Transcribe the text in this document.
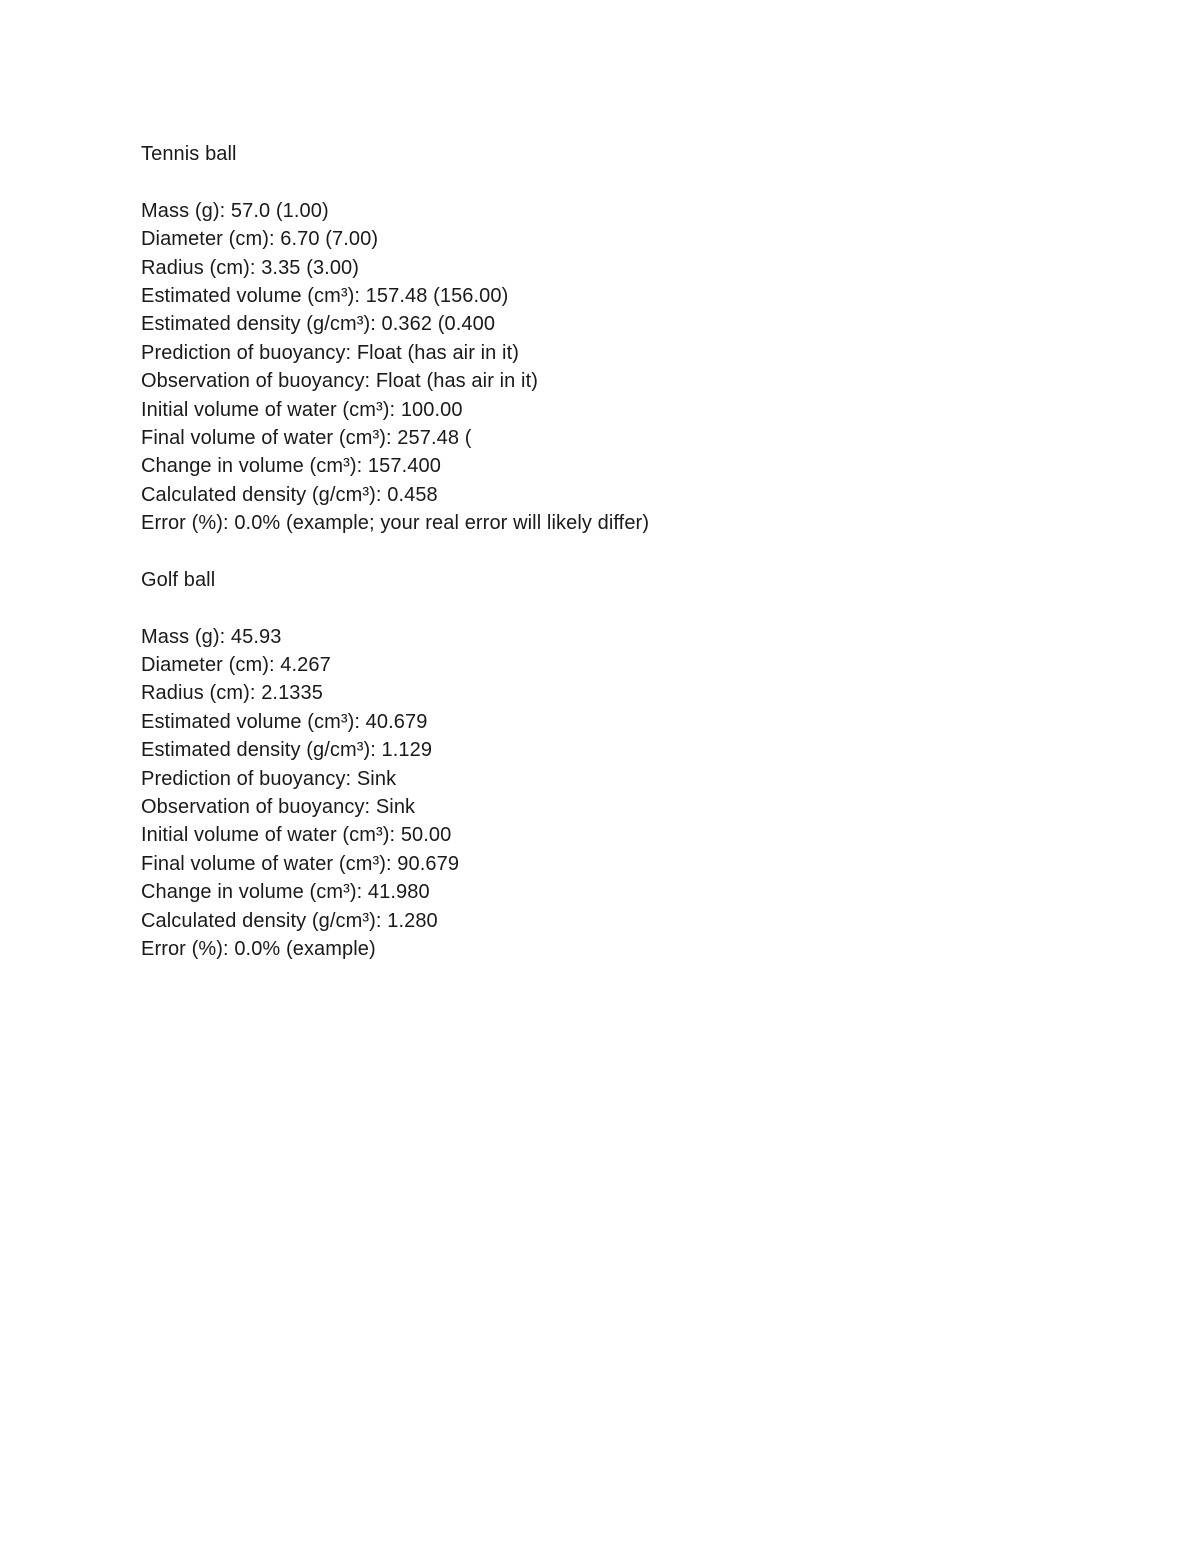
Tennis ball
Mass (g): 57.0 (1.00)
Diameter (cm): 6.70 (7.00)
Radius (cm): 3.35 (3.00)
Estimated volume (cm³): 157.48 (156.00)
Estimated density (g/cm³): 0.362 (0.400
Prediction of buoyancy: Float (has air in it)
Observation of buoyancy: Float (has air in it)
Initial volume of water (cm³): 100.00
Final volume of water (cm³): 257.48 (
Change in volume (cm³): 157.400
Calculated density (g/cm³): 0.458
Error (%): 0.0% (example; your real error will likely differ)
Golf ball
Mass (g): 45.93
Diameter (cm): 4.267
Radius (cm): 2.1335
Estimated volume (cm³): 40.679
Estimated density (g/cm³): 1.129
Prediction of buoyancy: Sink
Observation of buoyancy: Sink
Initial volume of water (cm³): 50.00
Final volume of water (cm³): 90.679
Change in volume (cm³): 41.980
Calculated density (g/cm³): 1.280
Error (%): 0.0% (example)
